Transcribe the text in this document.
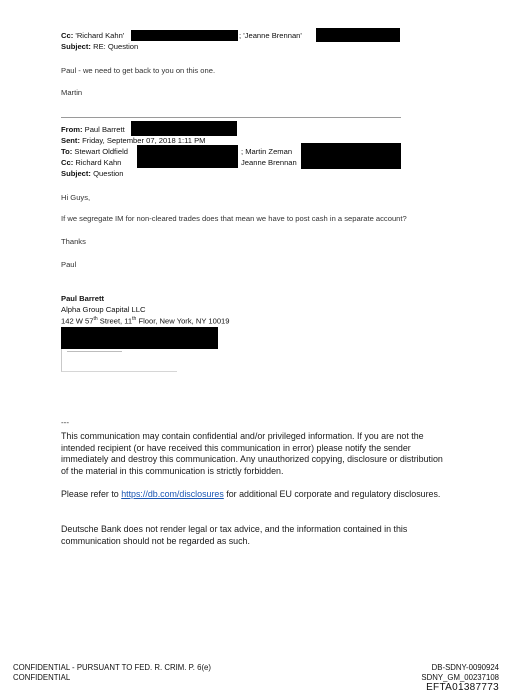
Cc: 'Richard Kahn'	; 'Jeanne Brennan'
Subject: RE: Question
Paul - we need to get back to you on this one.
Martin
From: Paul Barrett
Sent: Friday, September 07, 2018 1:11 PM
To: Stewart Oldfield	; Martin Zeman
Cc: Richard Kahn	Jeanne Brennan
Subject: Question
Hi Guys,
If we segregate IM for non-cleared trades does that mean we have to post cash in a separate account?
Thanks
Paul
Paul Barrett
Alpha Group Capital LLC
142 W 57th Street, 11th Floor, New York, NY 10019
---
This communication may contain confidential and/or privileged information. If you are not the intended recipient (or have received this communication in error) please notify the sender immediately and destroy this communication. Any unauthorized copying, disclosure or distribution of the material in this communication is strictly forbidden.
Please refer to https://db.com/disclosures for additional EU corporate and regulatory disclosures.
Deutsche Bank does not render legal or tax advice, and the information contained in this communication should not be regarded as such.
CONFIDENTIAL - PURSUANT TO FED. R. CRIM. P. 6(e)
CONFIDENTIAL
DB-SDNY-0090924
SDNY_GM_00237108
EFTA01387773
